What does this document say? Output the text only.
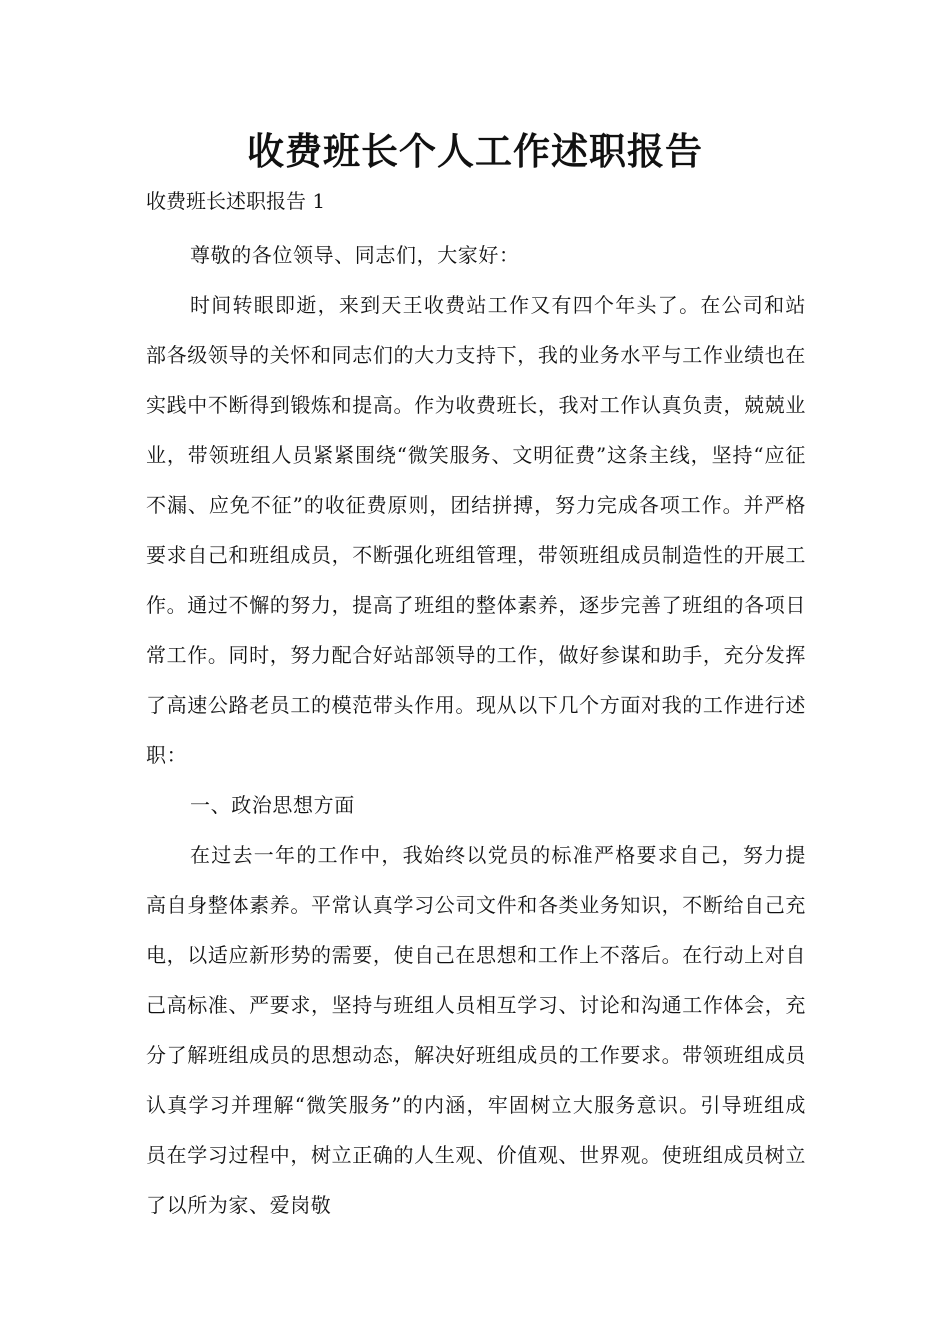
收费班长个人工作述职报告

收费班长述职报告 1

尊敬的各位领导、同志们，大家好：

时间转眼即逝，来到天王收费站工作又有四个年头了。在公司和站部各级领导的关怀和同志们的大力支持下，我的业务水平与工作业绩也在实践中不断得到锻炼和提高。作为收费班长，我对工作认真负责，兢兢业业，带领班组人员紧紧围绕“微笑服务、文明征费”这条主线，坚持“应征不漏、应免不征”的收征费原则，团结拼搏，努力完成各项工作。并严格要求自己和班组成员，不断强化班组管理，带领班组成员制造性的开展工作。通过不懈的努力，提高了班组的整体素养，逐步完善了班组的各项日常工作。同时，努力配合好站部领导的工作，做好参谋和助手，充分发挥了高速公路老员工的模范带头作用。现从以下几个方面对我的工作进行述职：

一、政治思想方面

在过去一年的工作中，我始终以党员的标准严格要求自己，努力提高自身整体素养。平常认真学习公司文件和各类业务知识，不断给自己充电，以适应新形势的需要，使自己在思想和工作上不落后。在行动上对自己高标准、严要求，坚持与班组人员相互学习、讨论和沟通工作体会，充分了解班组成员的思想动态，解决好班组成员的工作要求。带领班组成员认真学习并理解“微笑服务”的内涵，牢固树立大服务意识。引导班组成员在学习过程中，树立正确的人生观、价值观、世界观。使班组成员树立了以所为家、爱岗敬
